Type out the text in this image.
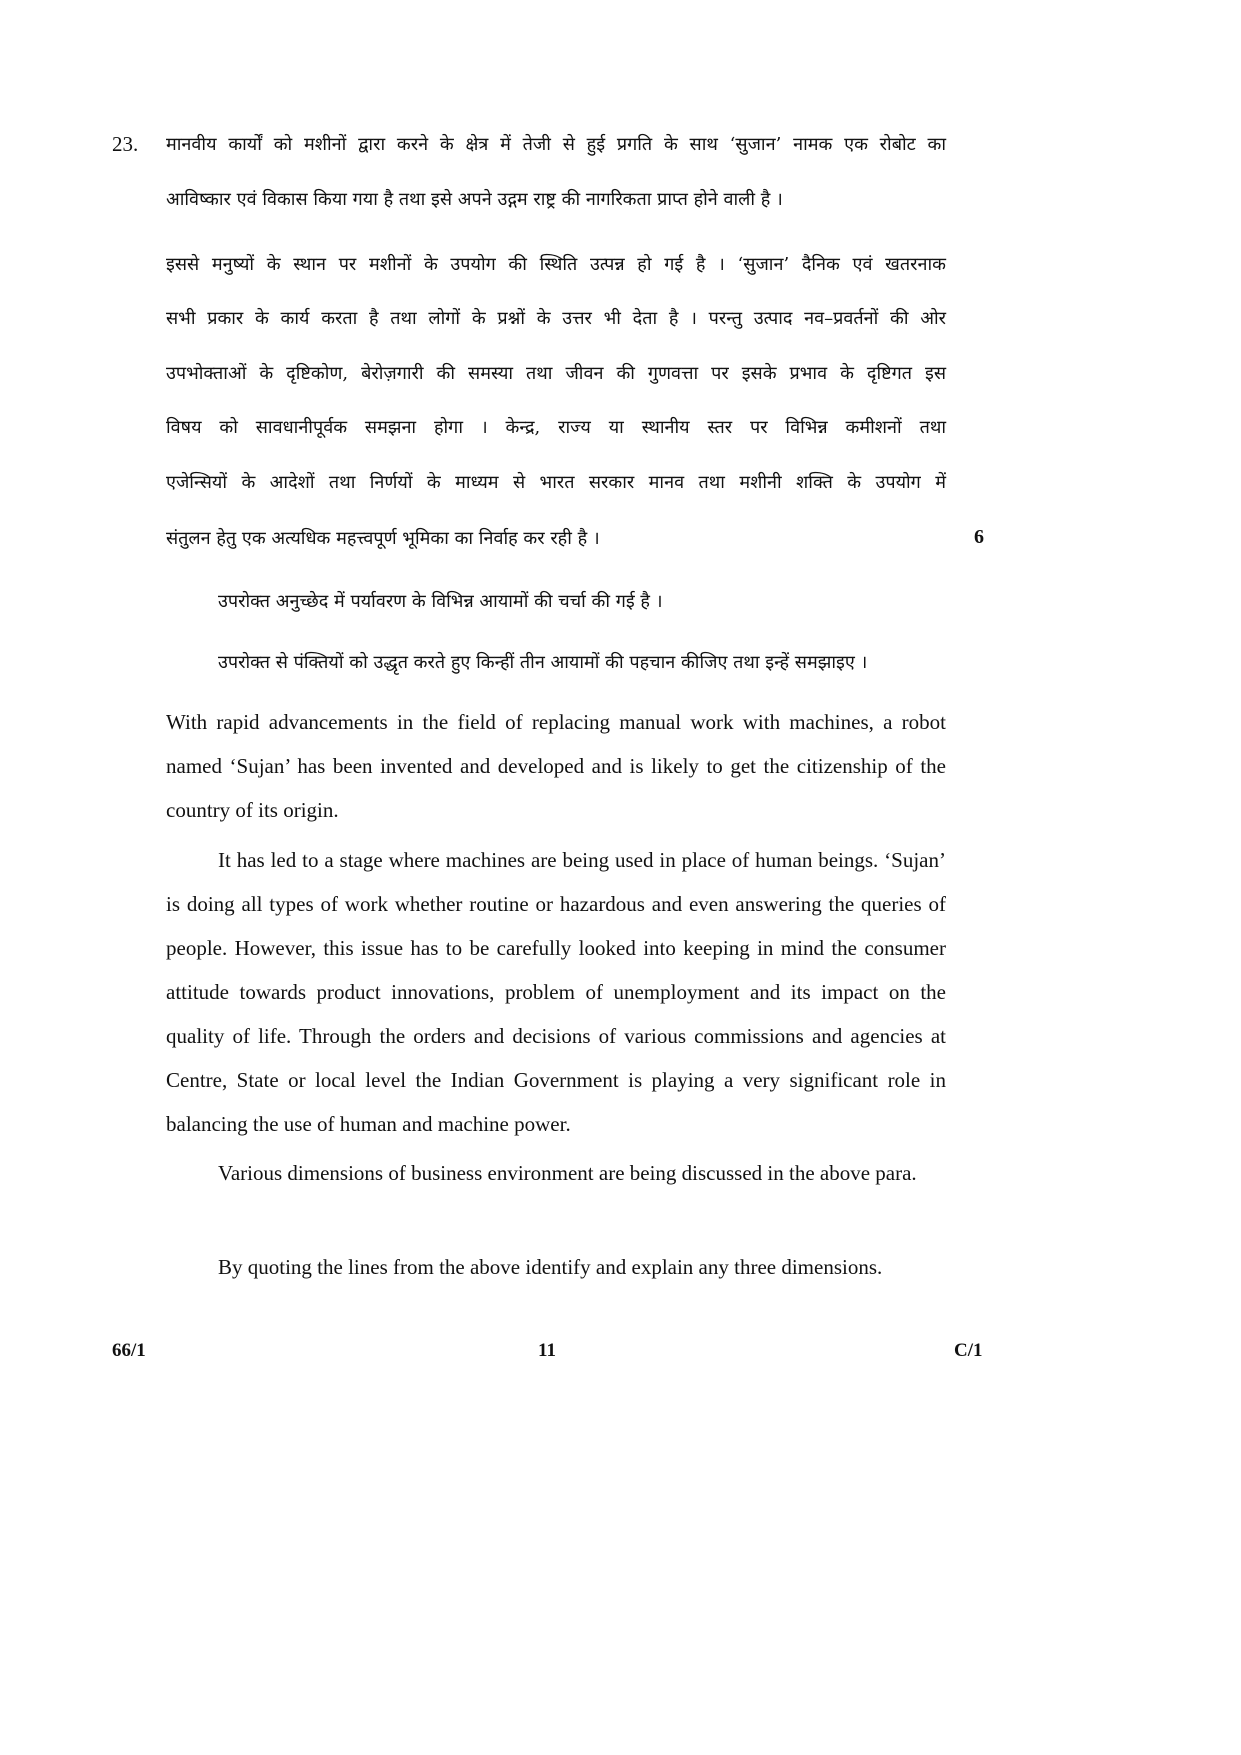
23. मानवीय कार्यों को मशीनों द्वारा करने के क्षेत्र में तेजी से हुई प्रगति के साथ ‘सुजान’ नामक एक रोबोट का
आविष्कार एवं विकास किया गया है तथा इसे अपने उद्गम राष्ट्र की नागरिकता प्राप्त होने वाली है ।
इससे मनुष्यों के स्थान पर मशीनों के उपयोग की स्थिति उत्पन्न हो गई है । ‘सुजान’ दैनिक एवं खतरनाक
सभी प्रकार के कार्य करता है तथा लोगों के प्रश्नों के उत्तर भी देता है । परन्तु उत्पाद नव–प्रवर्तनों की ओर
उपभोक्ताओं के दृष्टिकोण, बेरोज़गारी की समस्या तथा जीवन की गुणवत्ता पर इसके प्रभाव के दृष्टिगत इस
विषय को सावधानीपूर्वक समझना होगा । केन्द्र, राज्य या स्थानीय स्तर पर विभिन्न कमीशनों तथा
एजेन्सियों के आदेशों तथा निर्णयों के माध्यम से भारत सरकार मानव तथा मशीनी शक्ति के उपयोग में
संतुलन हेतु एक अत्यधिक महत्त्वपूर्ण भूमिका का निर्वाह कर रही है ।	6
उपरोक्त अनुच्छेद में पर्यावरण के विभिन्न आयामों की चर्चा की गई है ।
उपरोक्त से पंक्तियों को उद्धृत करते हुए किन्हीं तीन आयामों की पहचान कीजिए तथा इन्हें समझाइए ।
With rapid advancements in the field of replacing manual work with machines, a robot named ‘Sujan’ has been invented and developed and is likely to get the citizenship of the country of its origin.
It has led to a stage where machines are being used in place of human beings. ‘Sujan’ is doing all types of work whether routine or hazardous and even answering the queries of people. However, this issue has to be carefully looked into keeping in mind the consumer attitude towards product innovations, problem of unemployment and its impact on the quality of life. Through the orders and decisions of various commissions and agencies at Centre, State or local level the Indian Government is playing a very significant role in balancing the use of human and machine power.
Various dimensions of business environment are being discussed in the above para.
By quoting the lines from the above identify and explain any three dimensions.
66/1	11	C/1
